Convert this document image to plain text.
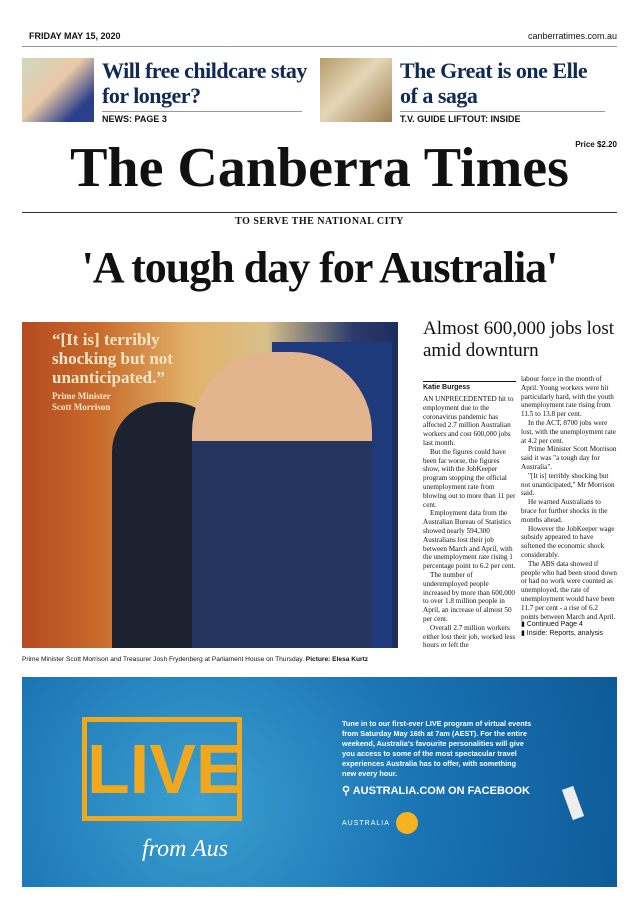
FRIDAY MAY 15, 2020	canberratimes.com.au
Will free childcare stay for longer?
NEWS: PAGE 3
The Great is one Elle of a saga
T.V. GUIDE LIFTOUT: INSIDE
The Canberra Times Price $2.20
TO SERVE THE NATIONAL CITY
'A tough day for Australia'
“[It is] terribly shocking but not unanticipated.”
Prime Minister
Scott Morrison
Prime Minister Scott Morrison and Treasurer Josh Frydenberg at Parliament House on Thursday. Picture: Elesa Kurtz
Almost 600,000 jobs lost amid downturn
Katie Burgess

AN UNPRECEDENTED hit to employment due to the coronavirus pandemic has affected 2.7 million Australian workers and cost 600,000 jobs last month.

But the figures could have been far worse, the figures show, with the JobKeeper program stopping the official unemployment rate from blowing out to more than 11 per cent.

Employment data from the Australian Bureau of Statistics showed nearly 594,300 Australians lost their job between March and April, with the unemployment rate rising 1 percentage point to 6.2 per cent.

The number of underemployed people increased by more than 600,000 to over 1.8 million people in April, an increase of almost 50 per cent.

Overall 2.7 million workers either lost their job, worked less hours or left the

labour force in the month of April. Young workers were hit particularly hard, with the youth unemployment rate rising from 11.5 to 13.8 per cent.

In the ACT, 8700 jobs were lost, with the unemployment rate at 4.2 per cent.

Prime Minister Scott Morrison said it was "a tough day for Australia".

"[It is] terribly shocking but not unanticipated," Mr Morrison said.

He warned Australians to brace for further shocks in the months ahead.

However the JobKeeper wage subsidy appeared to have softened the economic shock considerably.

The ABS data showed if people who had been stood down or had no work were counted as unemployed, the rate of unemployment would have been 11.7 per cent - a rise of 6.2 points between March and April.

▮ Continued Page 4
▮ Inside: Reports, analysis
LIVE
from Aus
Tune in to our first-ever LIVE program of virtual events from Saturday May 16th at 7am (AEST). For the entire weekend, Australia's favourite personalities will give you access to some of the most spectacular travel experiences Australia has to offer, with something new every hour.
⚲ AUSTRALIA.COM ON FACEBOOK
AUSTRALIA
